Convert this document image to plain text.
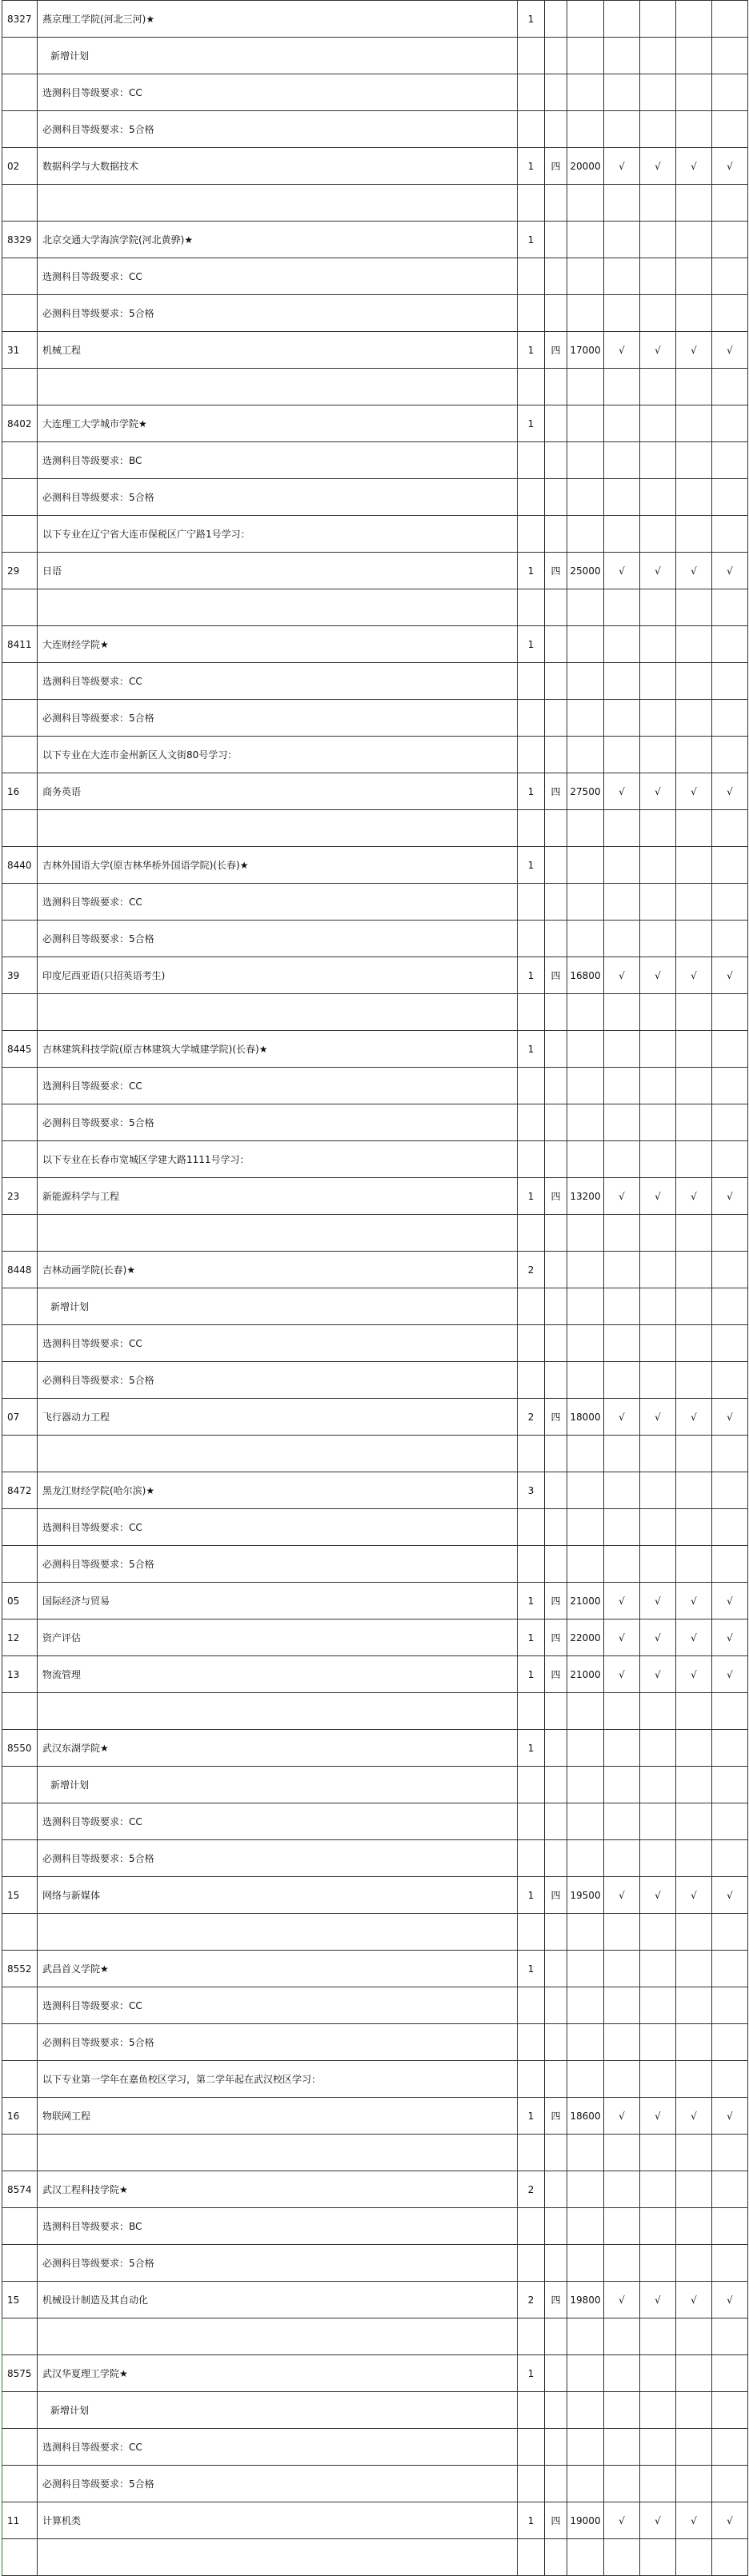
8327	燕京理工学院(河北三河)★	1						
	新增计划							
	选测科目等级要求：CC							
	必测科目等级要求：5合格							
02	数据科学与大数据技术	1	四	20000	√	√	√	√

8329	北京交通大学海滨学院(河北黄骅)★	1						
	选测科目等级要求：CC							
	必测科目等级要求：5合格							
31	机械工程	1	四	17000	√	√	√	√

8402	大连理工大学城市学院★	1						
	选测科目等级要求：BC							
	必测科目等级要求：5合格							
	以下专业在辽宁省大连市保税区广宁路1号学习：							
29	日语	1	四	25000	√	√	√	√

8411	大连财经学院★	1						
	选测科目等级要求：CC							
	必测科目等级要求：5合格							
	以下专业在大连市金州新区人文街80号学习：							
16	商务英语	1	四	27500	√	√	√	√

8440	吉林外国语大学(原吉林华桥外国语学院)(长春)★	1						
	选测科目等级要求：CC							
	必测科目等级要求：5合格							
39	印度尼西亚语(只招英语考生)	1	四	16800	√	√	√	√

8445	吉林建筑科技学院(原吉林建筑大学城建学院)(长春)★	1						
	选测科目等级要求：CC							
	必测科目等级要求：5合格							
	以下专业在长春市宽城区学建大路1111号学习：							
23	新能源科学与工程	1	四	13200	√	√	√	√

8448	吉林动画学院(长春)★	2						
	新增计划							
	选测科目等级要求：CC							
	必测科目等级要求：5合格							
07	飞行器动力工程	2	四	18000	√	√	√	√

8472	黑龙江财经学院(哈尔滨)★	3						
	选测科目等级要求：CC							
	必测科目等级要求：5合格							
05	国际经济与贸易	1	四	21000	√	√	√	√
12	资产评估	1	四	22000	√	√	√	√
13	物流管理	1	四	21000	√	√	√	√

8550	武汉东湖学院★	1						
	新增计划							
	选测科目等级要求：CC							
	必测科目等级要求：5合格							
15	网络与新媒体	1	四	19500	√	√	√	√

8552	武昌首义学院★	1						
	选测科目等级要求：CC							
	必测科目等级要求：5合格							
	以下专业第一学年在嘉鱼校区学习，第二学年起在武汉校区学习：							
16	物联网工程	1	四	18600	√	√	√	√

8574	武汉工程科技学院★	2						
	选测科目等级要求：BC							
	必测科目等级要求：5合格							
15	机械设计制造及其自动化	2	四	19800	√	√	√	√

8575	武汉华夏理工学院★	1						
	新增计划							
	选测科目等级要求：CC							
	必测科目等级要求：5合格							
11	计算机类	1	四	19000	√	√	√	√
